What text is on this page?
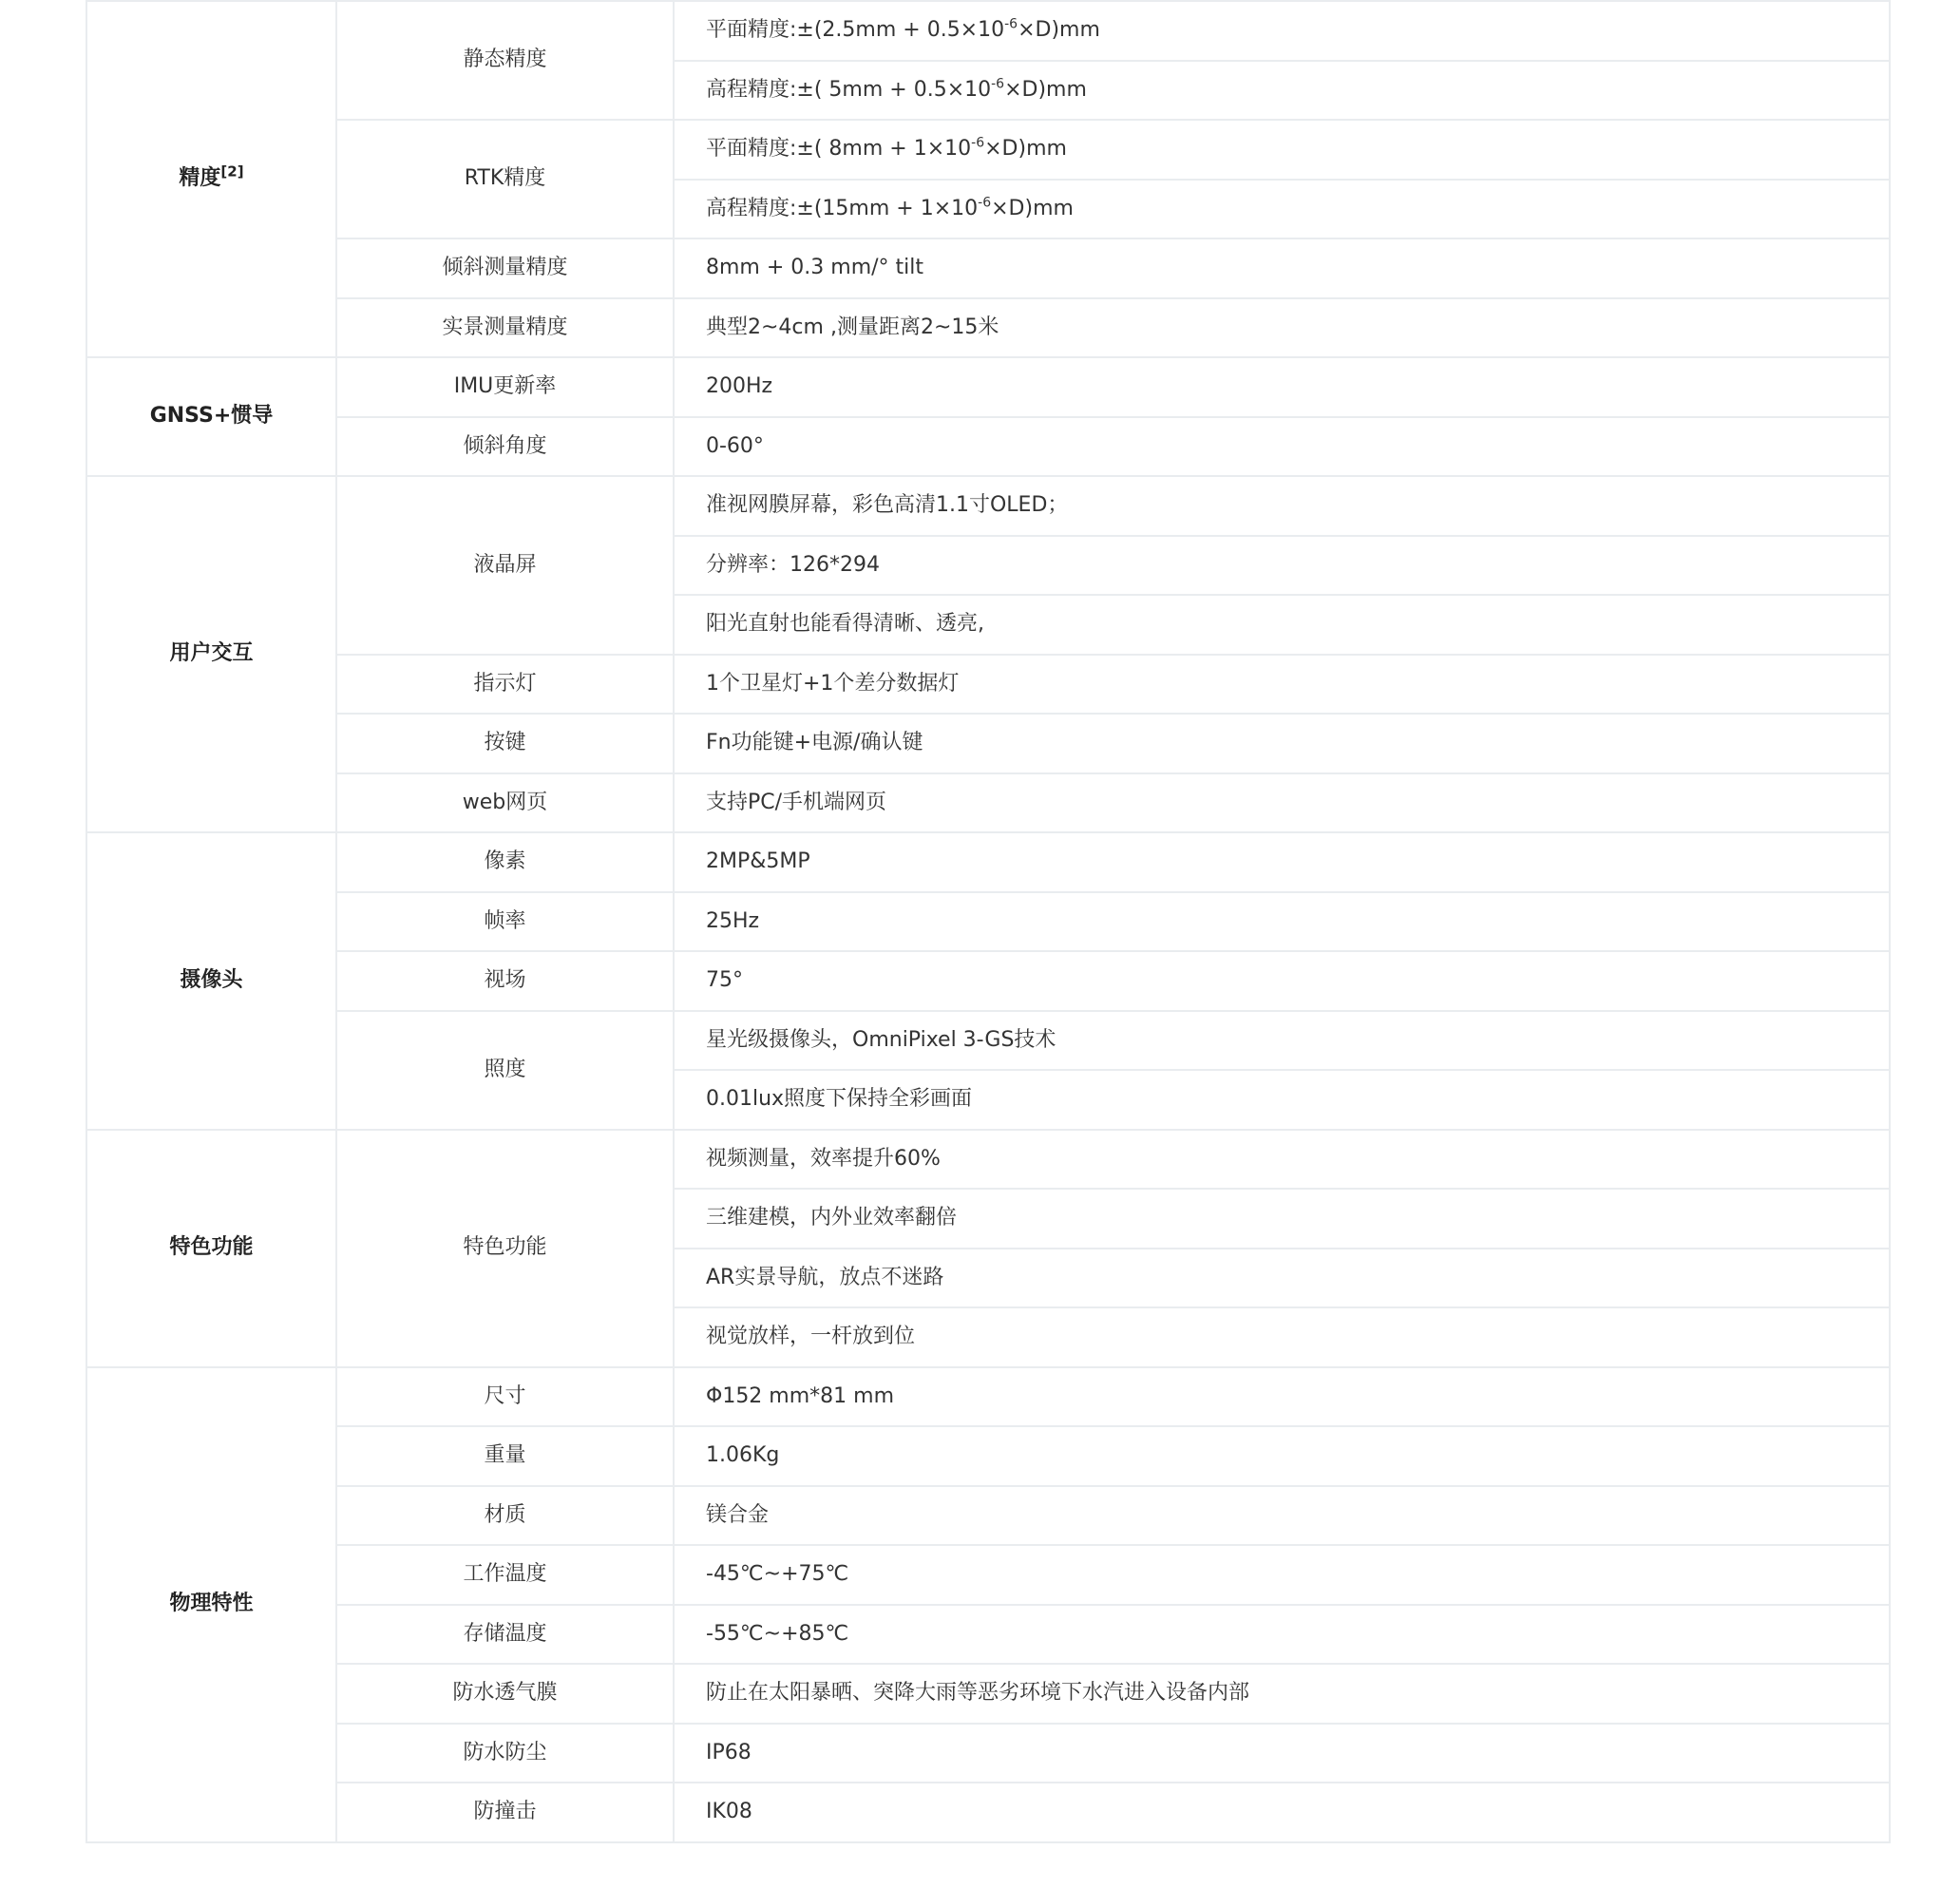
精度[2]	静态精度	平面精度:±(2.5mm + $0.5\times 10^{-6}\times D)mm$
		高程精度:±( $5mm + 0.5\times 10^{-6}\times D)mm$
	RTK精度	平面精度:±( $8mm + 1\times 10^{-6}\times D)mm$
		高程精度:±(15mm + $1\times 10^{-6}\times D)mm$
	倾斜测量精度	8mm + 0.3 mm/° tilt
	实景测量精度	典型2~4cm ,测量距离2~15米
GNSS+惯导	IMU更新率	200Hz
	倾斜角度	0-60°
用户交互	液晶屏	准视网膜屏幕，彩色高清1.1寸OLED；
		分辨率：126*294
		阳光直射也能看得清晰、透亮,
	指示灯	1个卫星灯+1个差分数据灯
	按键	Fn功能键+电源/确认键
	web网页	支持PC/手机端网页
摄像头	像素	2MP&5MP
	帧率	25Hz
	视场	75°
	照度	星光级摄像头，OmniPixel 3-GS技术
		0.01lux照度下保持全彩画面
特色功能	特色功能	视频测量，效率提升60%
		三维建模，内外业效率翻倍
		AR实景导航，放点不迷路
		视觉放样，一杆放到位
物理特性	尺寸	Φ152 mm*81 mm
	重量	1.06Kg
	材质	镁合金
	工作温度	-45℃~+75℃
	存储温度	-55℃~+85℃
	防水透气膜	防止在太阳暴晒、突降大雨等恶劣环境下水汽进入设备内部
	防水防尘	IP68
	防撞击	IK08
